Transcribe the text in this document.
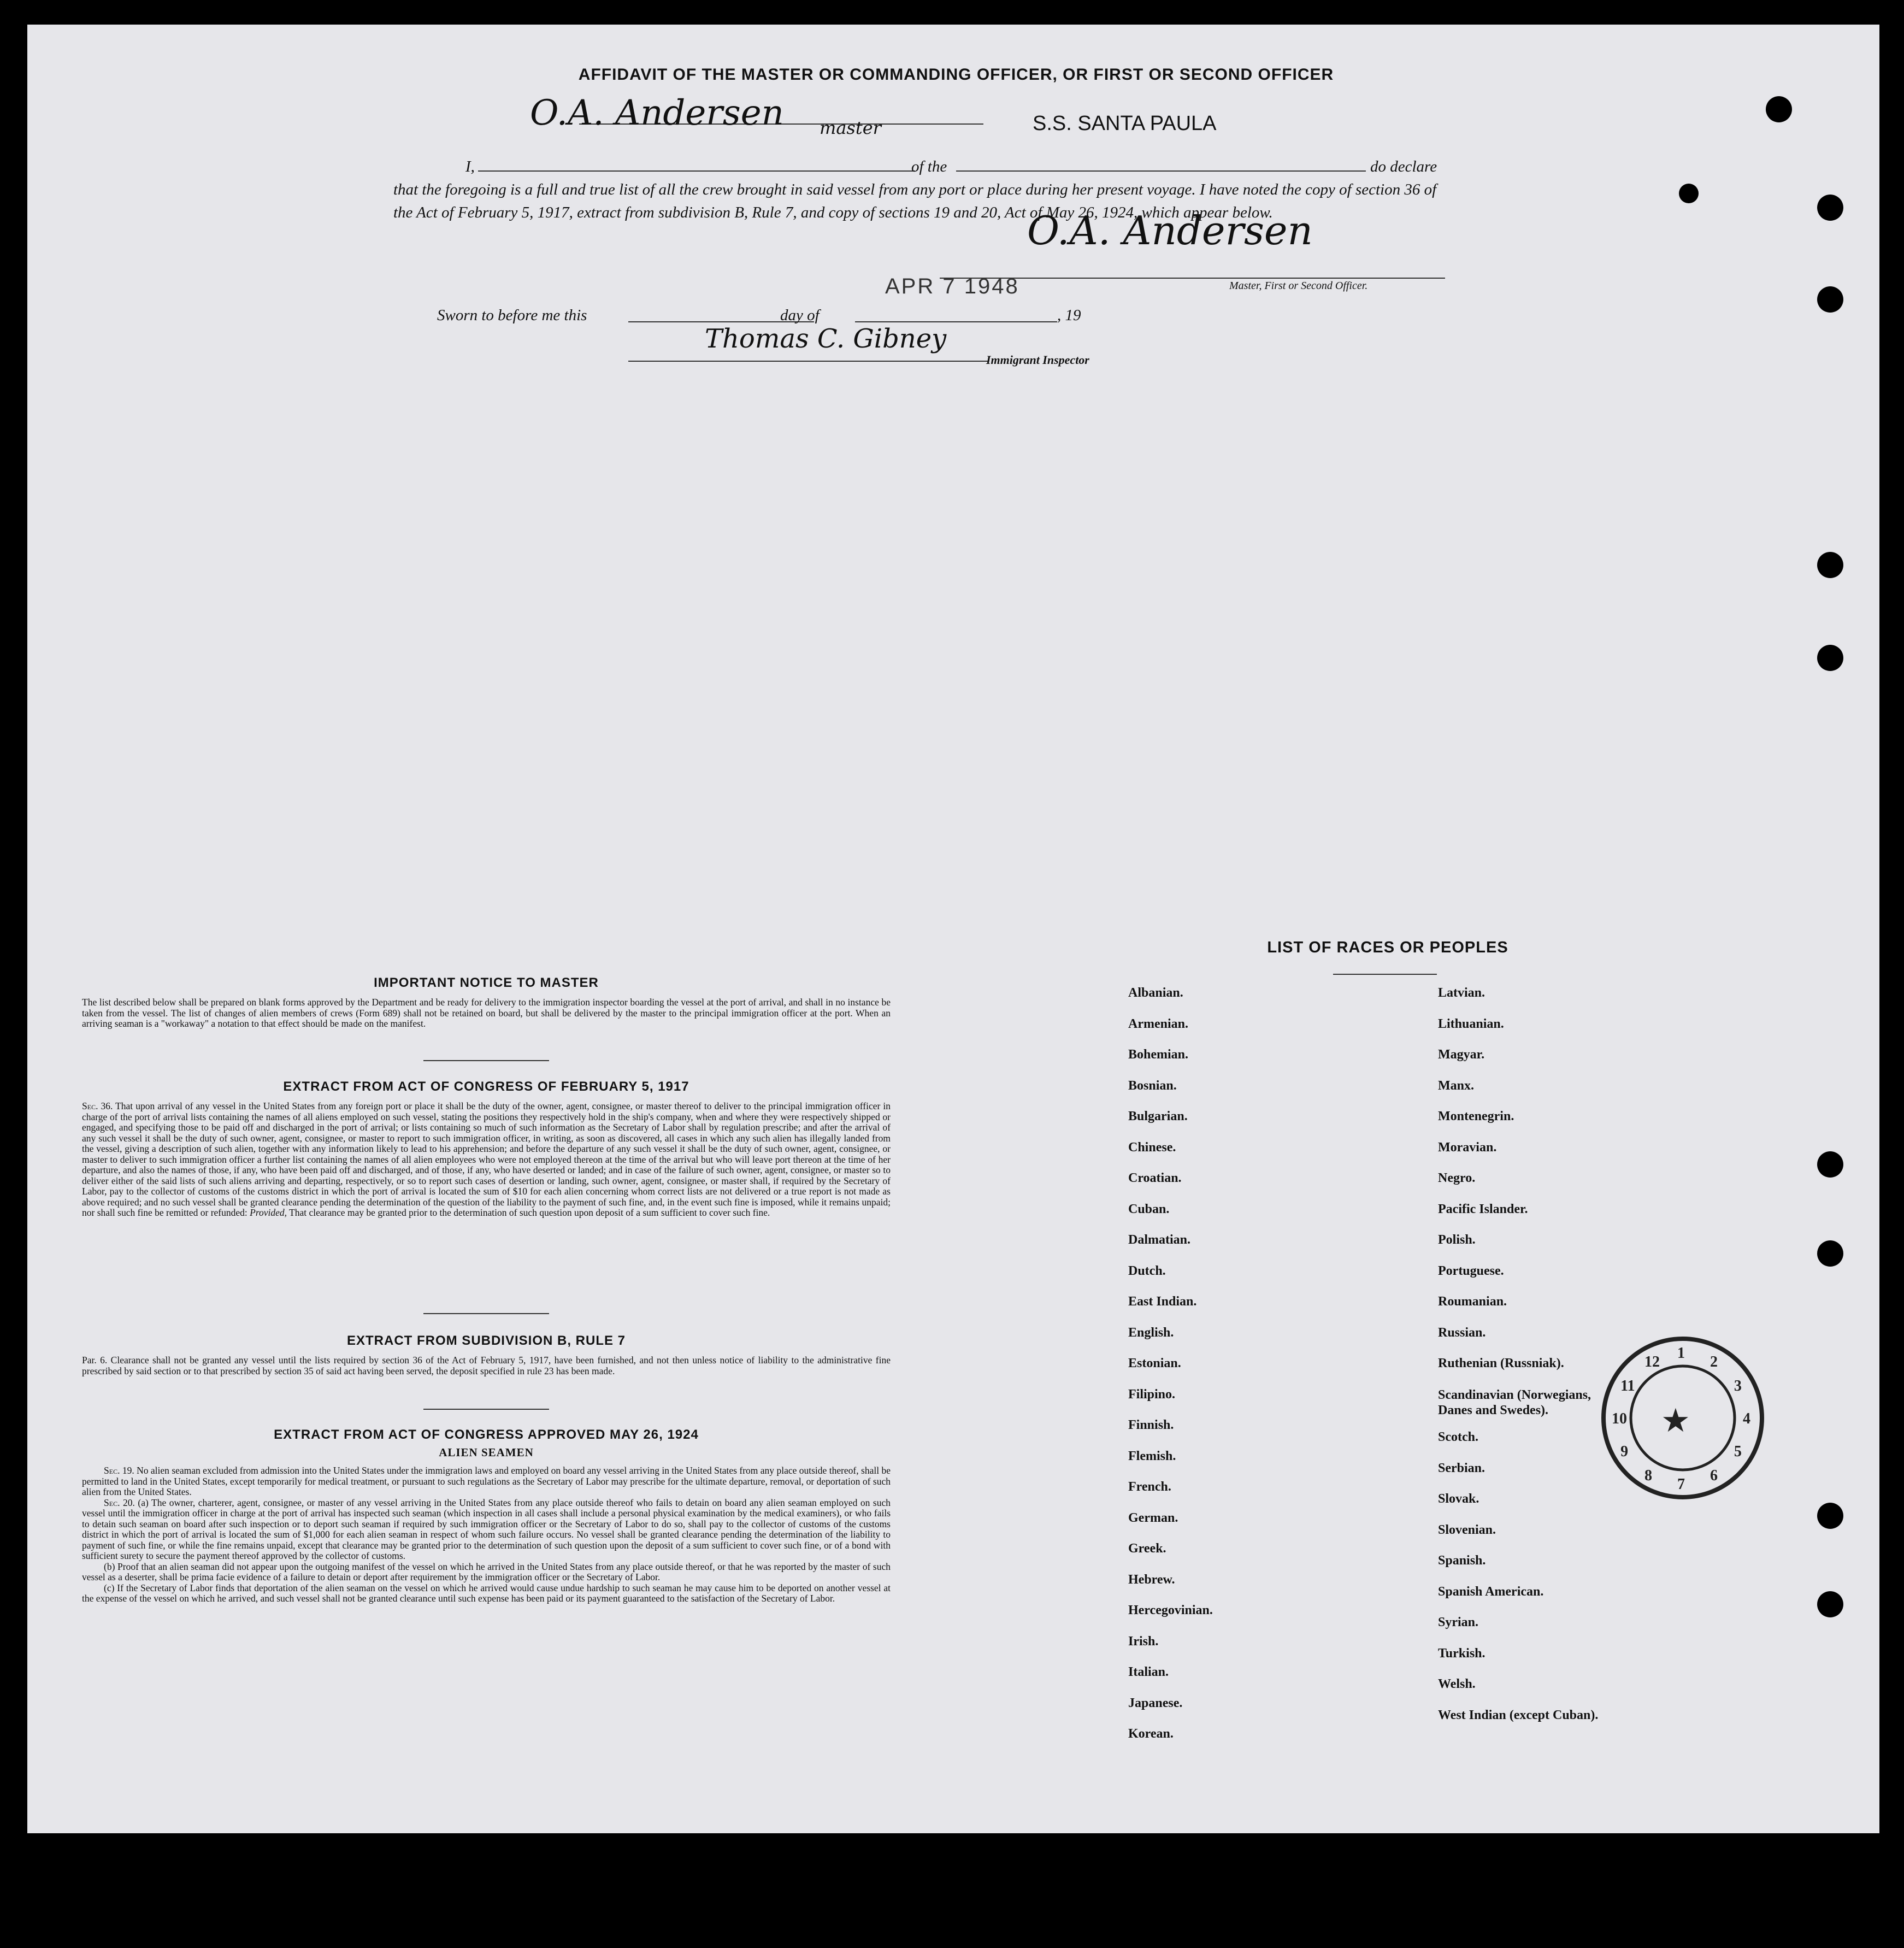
AFFIDAVIT OF THE MASTER OR COMMANDING OFFICER, OR FIRST OR SECOND OFFICER
I,
O.A. Andersen master
of the
S.S. SANTA PAULA
do declare
that the foregoing is a full and true list of all the crew brought in said vessel from any port or place during her present voyage. I have noted the copy of section 36 of the Act of February 5, 1917, extract from subdivision B, Rule 7, and copy of sections 19 and 20, Act of May 26, 1924, which appear below.
O.A. Andersen
Master, First or Second Officer.
Sworn to before me this	day of
APR 7 1948
, 19
Thomas C. Gibney
Immigrant Inspector
IMPORTANT NOTICE TO MASTER
The list described below shall be prepared on blank forms approved by the Department and be ready for delivery to the immigration inspector boarding the vessel at the port of arrival, and shall in no instance be taken from the vessel. The list of changes of alien members of crews (Form 689) shall not be retained on board, but shall be delivered by the master to the principal immigration officer at the port. When an arriving seaman is a "workaway" a notation to that effect should be made on the manifest.
EXTRACT FROM ACT OF CONGRESS OF FEBRUARY 5, 1917
Sec. 36. That upon arrival of any vessel in the United States from any foreign port or place it shall be the duty of the owner, agent, consignee, or master thereof to deliver to the principal immigration officer in charge of the port of arrival lists containing the names of all aliens employed on such vessel, stating the positions they respectively hold in the ship's company, when and where they were respectively shipped or engaged, and specifying those to be paid off and discharged in the port of arrival; or lists containing so much of such information as the Secretary of Labor shall by regulation prescribe; and after the arrival of any such vessel it shall be the duty of such owner, agent, consignee, or master to report to such immigration officer, in writing, as soon as discovered, all cases in which any such alien has illegally landed from the vessel, giving a description of such alien, together with any information likely to lead to his apprehension; and before the departure of any such vessel it shall be the duty of such owner, agent, consignee, or master to deliver to such immigration officer a further list containing the names of all alien employees who were not employed thereon at the time of the arrival but who will leave port thereon at the time of her departure, and also the names of those, if any, who have been paid off and discharged, and of those, if any, who have deserted or landed; and in case of the failure of such owner, agent, consignee, or master so to deliver either of the said lists of such aliens arriving and departing, respectively, or so to report such cases of desertion or landing, such owner, agent, consignee, or master shall, if required by the Secretary of Labor, pay to the collector of customs of the customs district in which the port of arrival is located the sum of $10 for each alien concerning whom correct lists are not delivered or a true report is not made as above required; and no such vessel shall be granted clearance pending the determination of the question of the liability to the payment of such fine, and, in the event such fine is imposed, while it remains unpaid; nor shall such fine be remitted or refunded: Provided, That clearance may be granted prior to the determination of such question upon deposit of a sum sufficient to cover such fine.
EXTRACT FROM SUBDIVISION B, RULE 7
Par. 6. Clearance shall not be granted any vessel until the lists required by section 36 of the Act of February 5, 1917, have been furnished, and not then unless notice of liability to the administrative fine prescribed by said section or to that prescribed by section 35 of said act having been served, the deposit specified in rule 23 has been made.
EXTRACT FROM ACT OF CONGRESS APPROVED MAY 26, 1924
ALIEN SEAMEN
Sec. 19. No alien seaman excluded from admission into the United States under the immigration laws and employed on board any vessel arriving in the United States from any place outside thereof, shall be permitted to land in the United States, except temporarily for medical treatment, or pursuant to such regulations as the Secretary of Labor may prescribe for the ultimate departure, removal, or deportation of such alien from the United States.
Sec. 20. (a) The owner, charterer, agent, consignee, or master of any vessel arriving in the United States from any place outside thereof who fails to detain on board any alien seaman employed on such vessel until the immigration officer in charge at the port of arrival has inspected such seaman (which inspection in all cases shall include a personal physical examination by the medical examiners), or who fails to detain such seaman on board after such inspection or to deport such seaman if required by such immigration officer or the Secretary of Labor to do so, shall pay to the collector of customs of the customs district in which the port of arrival is located the sum of $1,000 for each alien seaman in respect of whom such failure occurs. No vessel shall be granted clearance pending the determination of the liability to payment of such fine, or while the fine remains unpaid, except that clearance may be granted prior to the determination of such question upon the deposit of a sum sufficient to cover such fine, or of a bond with sufficient surety to secure the payment thereof approved by the collector of customs.
(b) Proof that an alien seaman did not appear upon the outgoing manifest of the vessel on which he arrived in the United States from any place outside thereof, or that he was reported by the master of such vessel as a deserter, shall be prima facie evidence of a failure to detain or deport after requirement by the immigration officer or the Secretary of Labor.
(c) If the Secretary of Labor finds that deportation of the alien seaman on the vessel on which he arrived would cause undue hardship to such seaman he may cause him to be deported on another vessel at the expense of the vessel on which he arrived, and such vessel shall not be granted clearance until such expense has been paid or its payment guaranteed to the satisfaction of the Secretary of Labor.
LIST OF RACES OR PEOPLES
Albanian.
Armenian.
Bohemian.
Bosnian.
Bulgarian.
Chinese.
Croatian.
Cuban.
Dalmatian.
Dutch.
East Indian.
English.
Estonian.
Filipino.
Finnish.
Flemish.
French.
German.
Greek.
Hebrew.
Hercegovinian.
Irish.
Italian.
Japanese.
Korean.
Latvian.
Lithuanian.
Magyar.
Manx.
Montenegrin.
Moravian.
Negro.
Pacific Islander.
Polish.
Portuguese.
Roumanian.
Russian.
Ruthenian (Russniak).
Scandinavian (Norwegians, Danes and Swedes).
Scotch.
Serbian.
Slovak.
Slovenian.
Spanish.
Spanish American.
Syrian.
Turkish.
Welsh.
West Indian (except Cuban).
1
2
3
4
5
6
7
8
9
10
11
12
★
